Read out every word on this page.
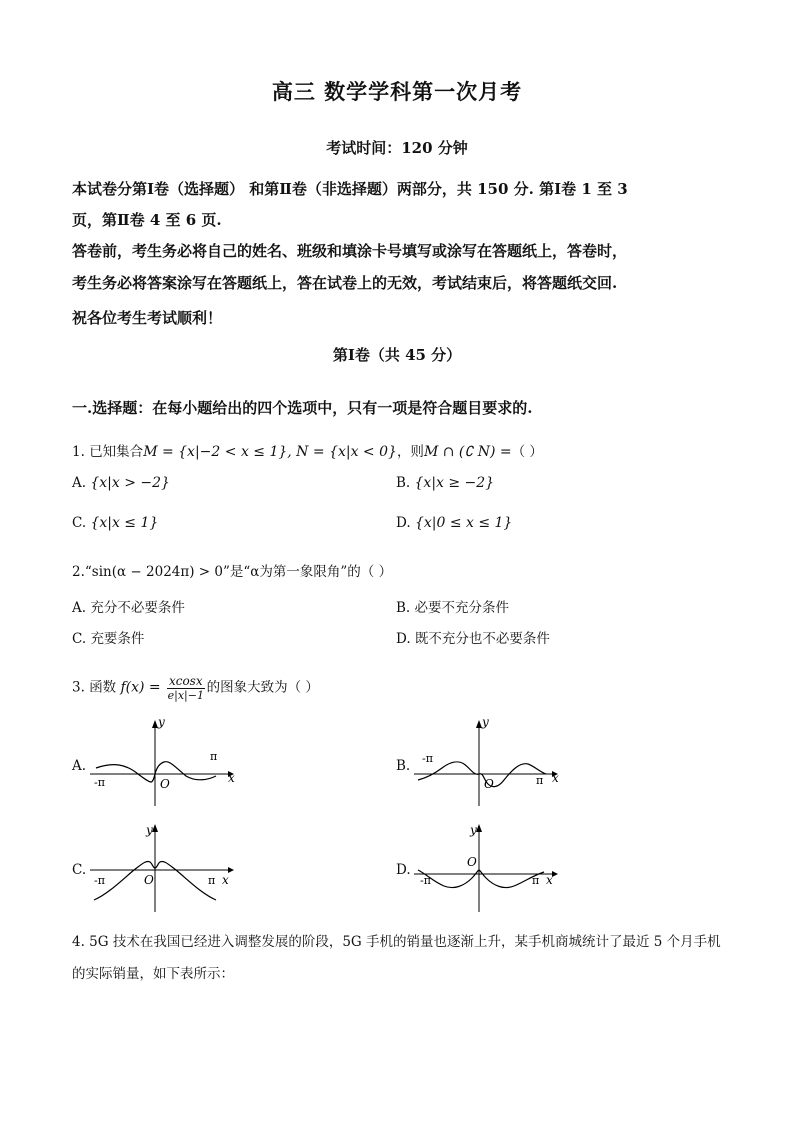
高三 数学学科第一次月考
考试时间：120 分钟
本试卷分第Ⅰ卷（选择题） 和第Ⅱ卷（非选择题）两部分，共 150 分. 第Ⅰ卷 1 至 3
页，第Ⅱ卷 4 至 6 页.
答卷前，考生务必将自己的姓名、班级和填涂卡号填写或涂写在答题纸上，答卷时，
考生务必将答案涂写在答题纸上，答在试卷上的无效，考试结束后，将答题纸交回.
祝各位考生考试顺利！
第Ⅰ卷（共 45 分）
一.选择题：在每小题给出的四个选项中，只有一项是符合题目要求的.
1. 已知集合M = {x|−2 < x ≤ 1}, N = {x|x < 0}，则M ∩ (∁ N) =（ ）
A. {x|x > −2}	B. {x|x ≥ −2}
C. {x|x ≤ 1}	D. {x|0 ≤ x ≤ 1}
2.“sin(α − 2024π) > 0”是“α为第一象限角”的（ ）
A. 充分不必要条件	B. 必要不充分条件
C. 充要条件	D. 既不充分也不必要条件
3. 函数 $f(x) = \frac{xcosx}{e|x|-1}$ 的图象大致为（ ）
A.
y
x
-π
π
O
B.
y
x
-π
π
O
C.
y
x
-π	π
O
D.
y
x
-π	π
O
4. 5G 技术在我国已经进入调整发展的阶段，5G 手机的销量也逐渐上升，某手机商城统计了最近 5 个月手机
的实际销量，如下表所示：
